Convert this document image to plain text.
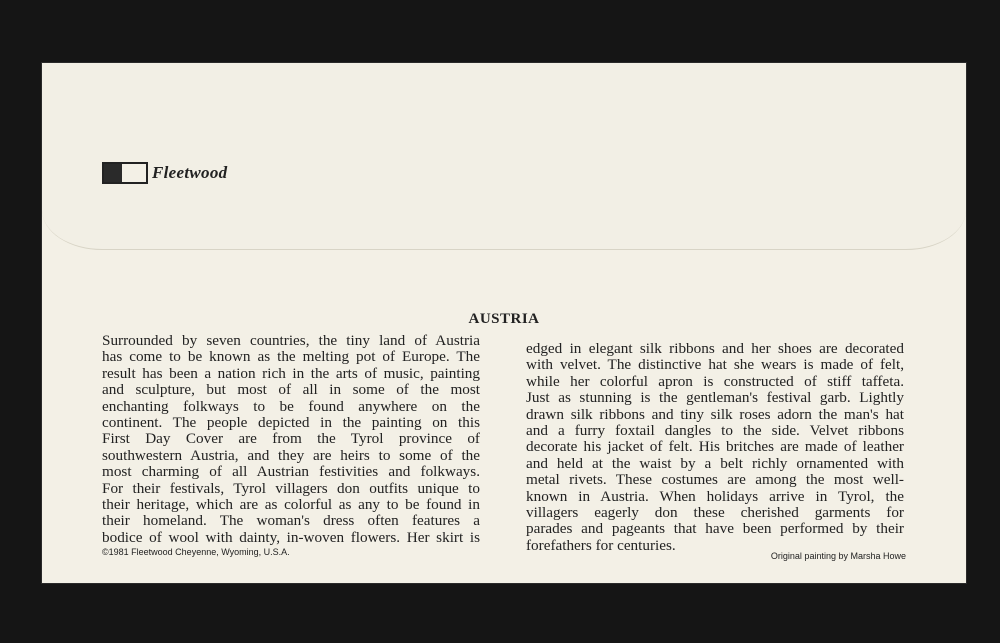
Fleetwood
AUSTRIA
Surrounded by seven countries, the tiny land of Austria
has come to be known as the melting pot of Europe. The
result has been a nation rich in the arts of music, painting
and sculpture, but most of all in some of the most
enchanting folkways to be found anywhere on the
continent. The people depicted in the painting on this
First Day Cover are from the Tyrol province of
southwestern Austria, and they are heirs to some of the
most charming of all Austrian festivities and folkways.
For their festivals, Tyrol villagers don outfits unique to
their heritage, which are as colorful as any to be found in
their homeland. The woman's dress often features a
bodice of wool with dainty, in-woven flowers. Her skirt is
edged in elegant silk ribbons and her shoes are decorated
with velvet. The distinctive hat she wears is made of felt,
while her colorful apron is constructed of stiff taffeta.
Just as stunning is the gentleman's festival garb. Lightly
drawn silk ribbons and tiny silk roses adorn the man's hat
and a furry foxtail dangles to the side. Velvet ribbons
decorate his jacket of felt. His britches are made of leather
and held at the waist by a belt richly ornamented with
metal rivets. These costumes are among the most well-
known in Austria. When holidays arrive in Tyrol, the
villagers eagerly don these cherished garments for
parades and pageants that have been performed by their
forefathers for centuries.
©1981 Fleetwood Cheyenne, Wyoming, U.S.A.	Original painting by Marsha Howe
